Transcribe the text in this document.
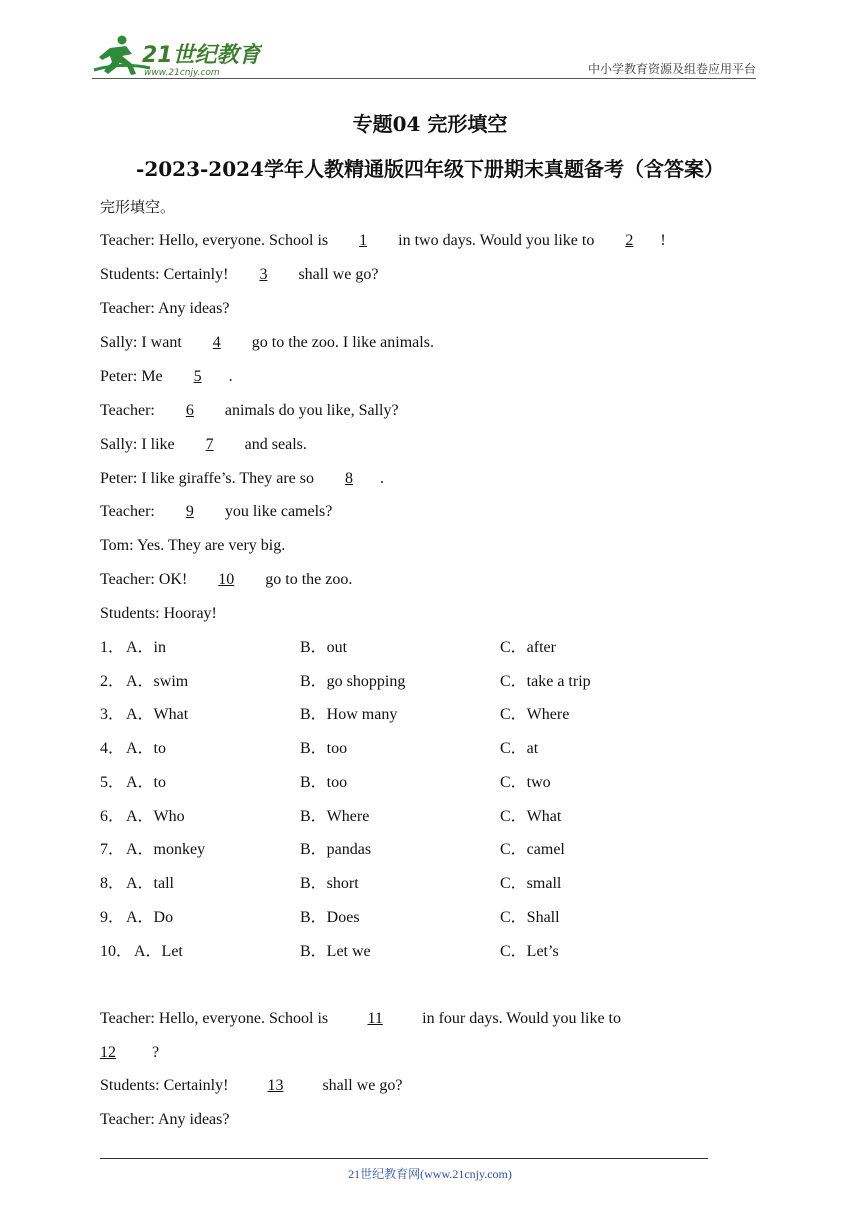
21世纪教育
www.21cnjy.com	中小学教育资源及组卷应用平台
专题04 完形填空
-2023-2024学年人教精通版四年级下册期末真题备考（含答案）
完形填空。
Teacher: Hello, everyone. School is 1 in two days. Would you like to 2 !
Students: Certainly! 3 shall we go?
Teacher: Any ideas?
Sally: I want 4 go to the zoo. I like animals.
Peter: Me 5 .
Teacher: 6 animals do you like, Sally?
Sally: I like 7 and seals.
Peter: I like giraffe’s. They are so 8 .
Teacher: 9 you like camels?
Tom: Yes. They are very big.
Teacher: OK! 10 go to the zoo.
Students: Hooray!
1． A．in	B．out	C．after
2． A．swim	B．go shopping	C．take a trip
3． A．What	B．How many	C．Where
4． A．to	B．too	C．at
5． A．to	B．too	C．two
6． A．Who	B．Where	C．What
7． A．monkey	B．pandas	C．camel
8． A．tall	B．short	C．small
9． A．Do	B．Does	C．Shall
10． A．Let	B．Let we	C．Let’s
Teacher: Hello, everyone. School is 11 in four days. Would you like to
12 ?
Students: Certainly! 13 shall we go?
Teacher: Any ideas?
21世纪教育网(www.21cnjy.com)
